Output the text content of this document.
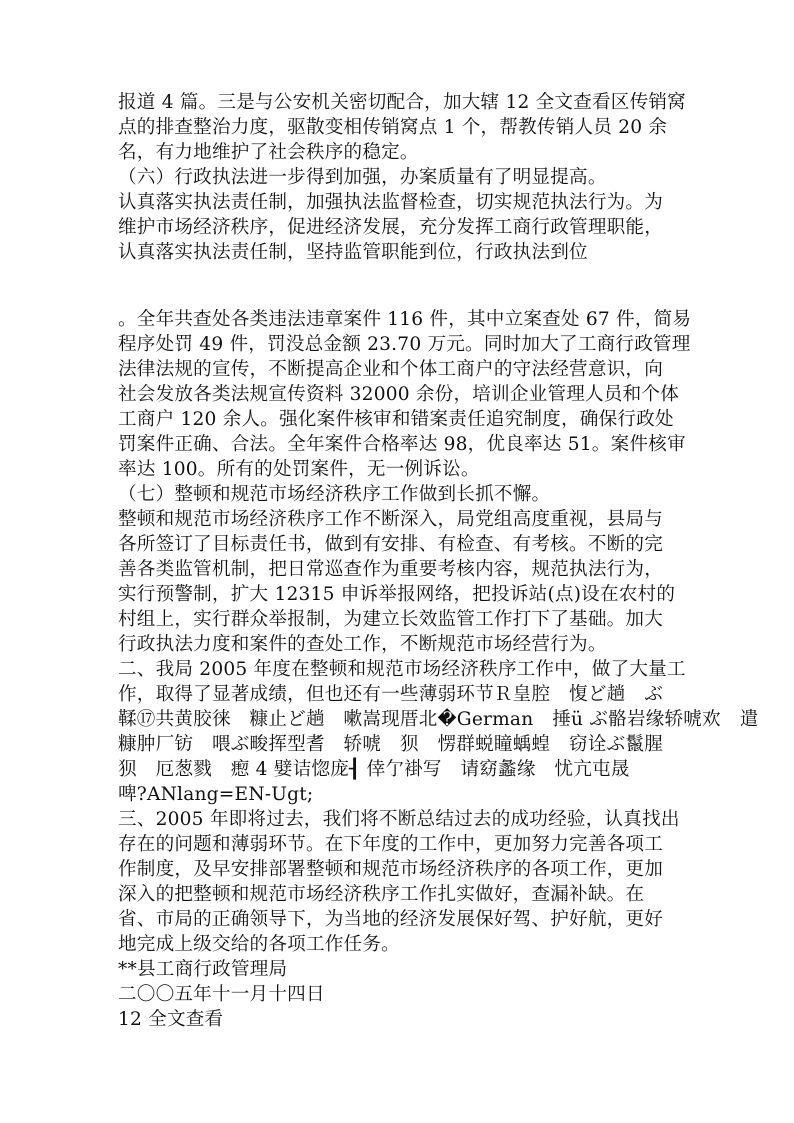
报道 4 篇。三是与公安机关密切配合，加大辖 12 全文查看区传销窝
点的排查整治力度，驱散变相传销窝点 1 个，帮教传销人员 20 余
名，有力地维护了社会秩序的稳定。
（六）行政执法进一步得到加强，办案质量有了明显提高。
认真落实执法责任制，加强执法监督检查，切实规范执法行为。为
维护市场经济秩序，促进经济发展，充分发挥工商行政管理职能，
认真落实执法责任制，坚持监管职能到位，行政执法到位
。全年共查处各类违法违章案件 116 件，其中立案查处 67 件，简易
程序处罚 49 件，罚没总金额 23.70 万元。同时加大了工商行政管理
法律法规的宣传，不断提高企业和个体工商户的守法经营意识，向
社会发放各类法规宣传资料 32000 余份，培训企业管理人员和个体
工商户 120 余人。强化案件核审和错案责任追究制度，确保行政处
罚案件正确、合法。全年案件合格率达 98，优良率达 51。案件核审
率达 100。所有的处罚案件，无一例诉讼。
（七）整顿和规范市场经济秩序工作做到长抓不懈。
整顿和规范市场经济秩序工作不断深入，局党组高度重视，县局与
各所签订了目标责任书，做到有安排、有检查、有考核。不断的完
善各类监管机制，把日常巡查作为重要考核内容，规范执法行为，
实行预警制，扩大 12315 申诉举报网络，把投诉站(点)设在农村的
村组上，实行群众举报制，为建立长效监管工作打下了基础。加大
行政执法力度和案件的查处工作，不断规范市场经营行为。
二、我局 2005 年度在整顿和规范市场经济秩序工作中，做了大量工
作，取得了显著成绩，但也还有一些薄弱环节Ｒ皇腔　愎ど趟　ぶ
鞣⑰共黄胶徕　糠止ど趟　嗽嵩现厝北�German　捶ü ぶ骼岩缘轿唬欢　遣
糠肿厂钫　喂ぶ畯挥型耆　轿唬　狈　愣群蜕瞳蝺蝗　窃诠ぶ鬣腥
狈　厄葱戮　瘛 4 嬖诘惚庞┨ 倖亇褂写　请窈蠡缘　忧亢屯晟
啤?ANlang=EN-Ugt;
三、2005 年即将过去，我们将不断总结过去的成功经验，认真找出
存在的问题和薄弱环节。在下年度的工作中，更加努力完善各项工
作制度，及早安排部署整顿和规范市场经济秩序的各项工作，更加
深入的把整顿和规范市场经济秩序工作扎实做好，查漏补缺。在
省、市局的正确领导下，为当地的经济发展保好驾、护好航，更好
地完成上级交给的各项工作任务。
**县工商行政管理局
二〇〇五年十一月十四日
12 全文查看
